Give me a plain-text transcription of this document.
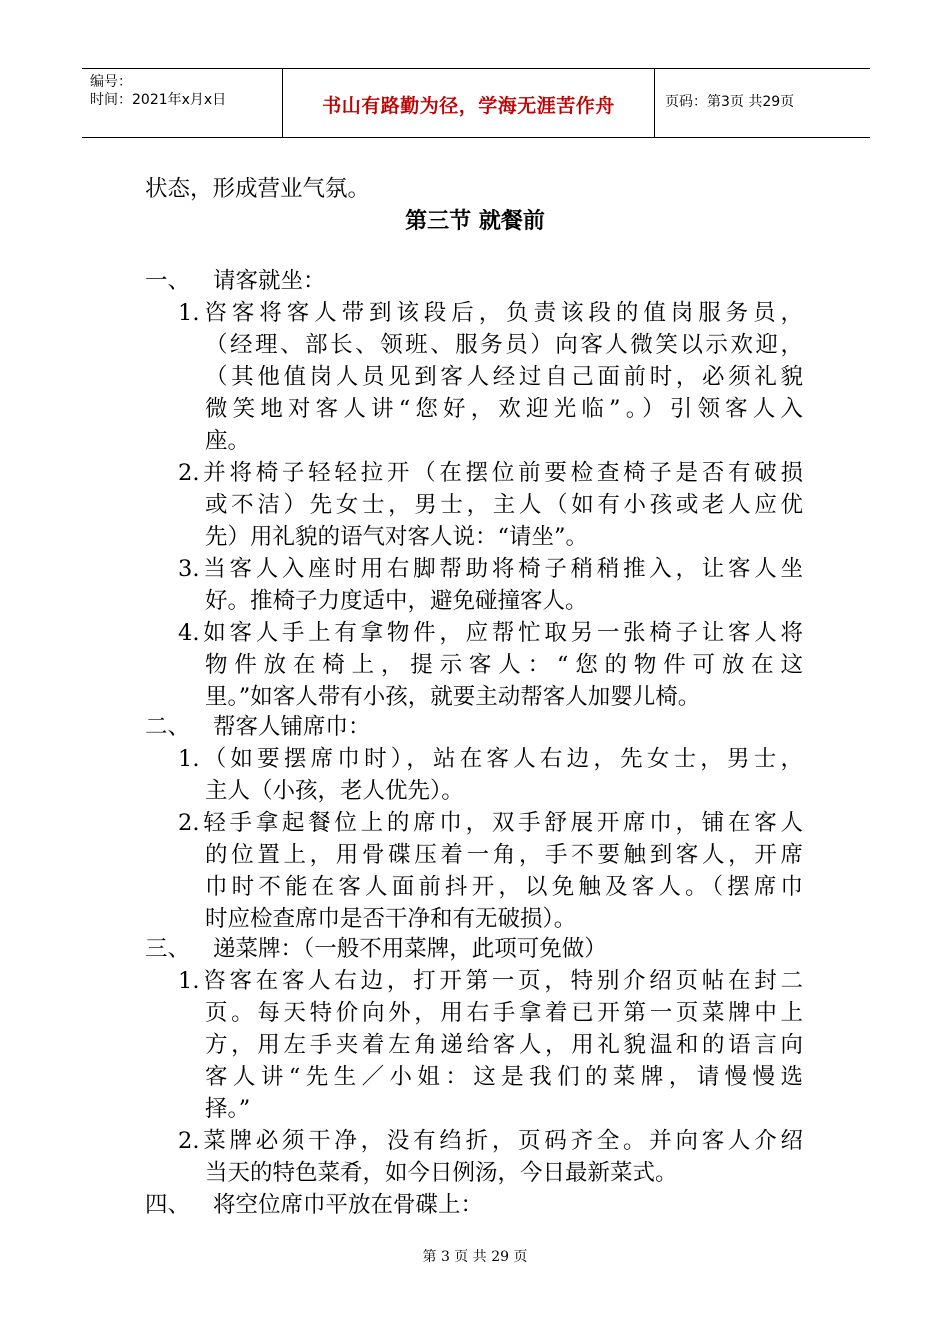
编号：
时间：2021年x月x日	书山有路勤为径，学海无涯苦作舟	页码：第3页 共29页
状态，形成营业气氛。
第三节 就餐前
一、 请客就坐：
1.咨客将客人带到该段后，负责该段的值岗服务员，
（经理、部长、领班、服务员）向客人微笑以示欢迎，
（其他值岗人员见到客人经过自己面前时，必须礼貌
微笑地对客人讲“您好，欢迎光临”。）引领客人入
座。
2.并将椅子轻轻拉开（在摆位前要检查椅子是否有破损
或不洁）先女士，男士，主人（如有小孩或老人应优
先）用礼貌的语气对客人说：“请坐”。
3.当客人入座时用右脚帮助将椅子稍稍推入，让客人坐
好。推椅子力度适中，避免碰撞客人。
4.如客人手上有拿物件，应帮忙取另一张椅子让客人将
物件放在椅上，提示客人：“您的物件可放在这
里。”如客人带有小孩，就要主动帮客人加婴儿椅。
二、 帮客人铺席巾：
1.（如要摆席巾时），站在客人右边，先女士，男士，
主人（小孩，老人优先）。
2.轻手拿起餐位上的席巾，双手舒展开席巾，铺在客人
的位置上，用骨碟压着一角，手不要触到客人，开席
巾时不能在客人面前抖开，以免触及客人。（摆席巾
时应检查席巾是否干净和有无破损）。
三、 递菜牌：（一般不用菜牌，此项可免做）
1.咨客在客人右边，打开第一页，特别介绍页帖在封二
页。每天特价向外，用右手拿着已开第一页菜牌中上
方，用左手夹着左角递给客人，用礼貌温和的语言向
客人讲“先生／小姐：这是我们的菜牌，请慢慢选
择。”
2.菜牌必须干净，没有绉折，页码齐全。并向客人介绍
当天的特色菜肴，如今日例汤，今日最新菜式。
四、 将空位席巾平放在骨碟上：
第 3 页 共 29 页
